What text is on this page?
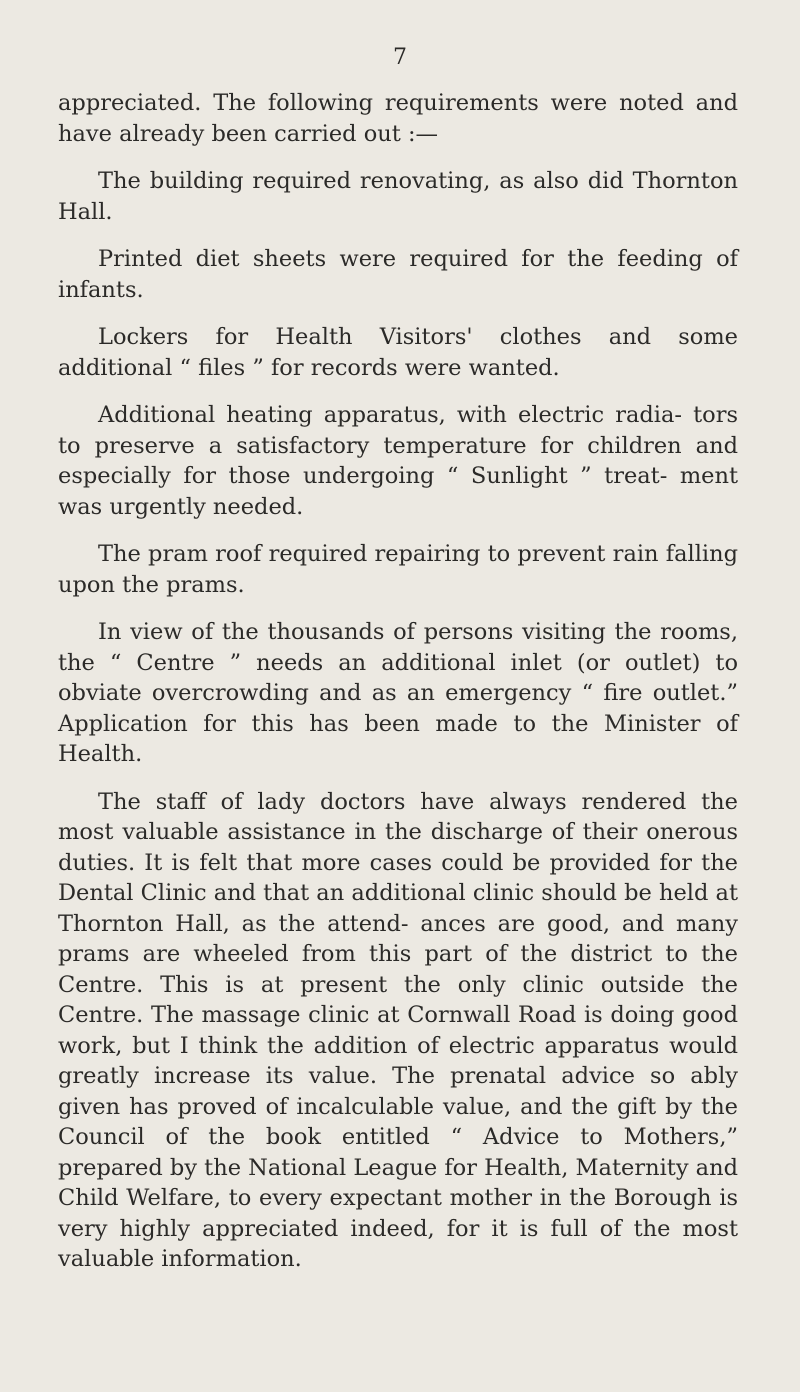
7

appreciated. The following requirements were noted and have already been carried out :—

The building required renovating, as also did Thornton Hall.

Printed diet sheets were required for the feeding of infants.

Lockers for Health Visitors' clothes and some additional “ files ” for records were wanted.

Additional heating apparatus, with electric radia- tors to preserve a satisfactory temperature for children and especially for those undergoing “ Sunlight ” treat- ment was urgently needed.

The pram roof required repairing to prevent rain falling upon the prams.

In view of the thousands of persons visiting the rooms, the “ Centre ” needs an additional inlet (or outlet) to obviate overcrowding and as an emergency “ fire outlet.” Application for this has been made to the Minister of Health.

The staff of lady doctors have always rendered the most valuable assistance in the discharge of their onerous duties. It is felt that more cases could be provided for the Dental Clinic and that an additional clinic should be held at Thornton Hall, as the attend- ances are good, and many prams are wheeled from this part of the district to the Centre. This is at present the only clinic outside the Centre. The massage clinic at Cornwall Road is doing good work, but I think the addition of electric apparatus would greatly increase its value. The prenatal advice so ably given has proved of incalculable value, and the gift by the Council of the book entitled “ Advice to Mothers,” prepared by the National League for Health, Maternity and Child Welfare, to every expectant mother in the Borough is very highly appreciated indeed, for it is full of the most valuable information.
